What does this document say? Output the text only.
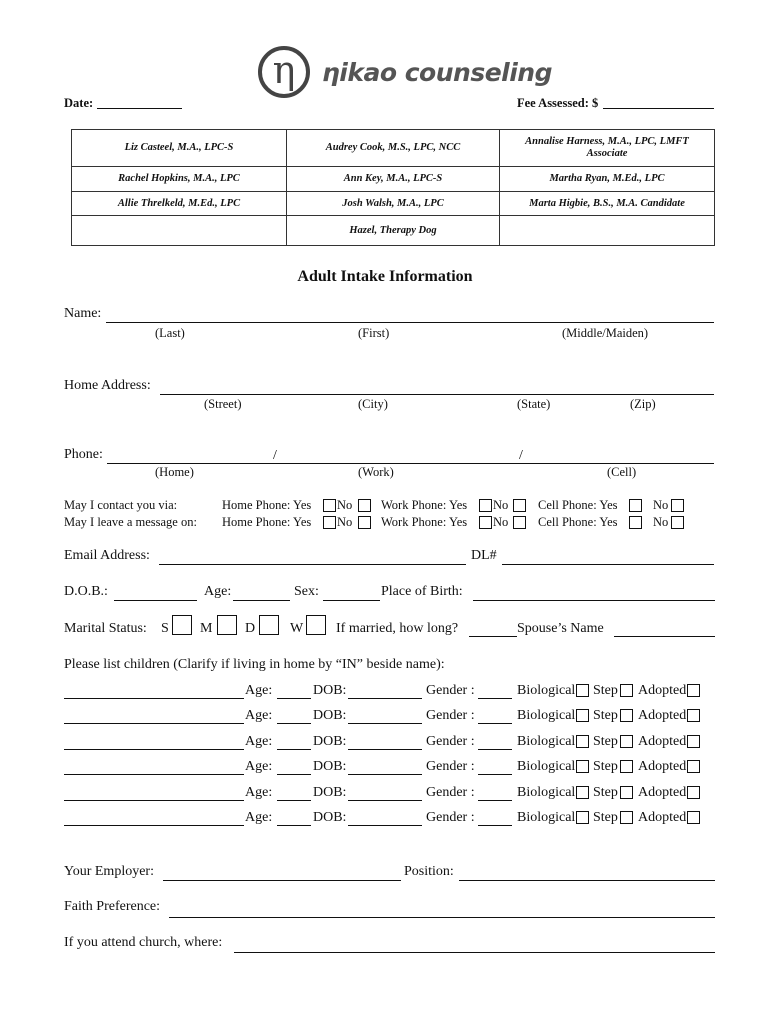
η	ηikao counseling
Date:	Fee Assessed: $
Liz Casteel, M.A., LPC-S	Audrey Cook, M.S., LPC, NCC	Annalise Harness, M.A., LPC, LMFT Associate
Rachel Hopkins, M.A., LPC	Ann Key, M.A., LPC-S	Martha Ryan, M.Ed., LPC
Allie Threlkeld, M.Ed., LPC	Josh Walsh, M.A., LPC	Marta Higbie, B.S., M.A. Candidate
	Hazel, Therapy Dog	
Adult Intake Information
Name:
(Last)	(First)	(Middle/Maiden)
Home Address:
(Street)	(City)	(State)	(Zip)
Phone:	/	/
(Home)	(Work)	(Cell)
May I contact you via:	Home Phone: Yes No Work Phone: Yes No Cell Phone: Yes	No
May I leave a message on: Home Phone: Yes No Work Phone: Yes No Cell Phone: Yes	No
Email Address:	DL#
D.O.B.:	Age:	Sex:	Place of Birth:
Marital Status: S M D W If married, how long?	Spouse’s Name
Please list children (Clarify if living in home by “IN” beside name):
Age:	DOB:	Gender :	Biological Step Adopted
Age:	DOB:	Gender :	Biological Step Adopted
Age:	DOB:	Gender :	Biological Step Adopted
Age:	DOB:	Gender :	Biological Step Adopted
Age:	DOB:	Gender :	Biological Step Adopted
Age:	DOB:	Gender :	Biological Step Adopted
Your Employer:	Position:
Faith Preference:
If you attend church, where:
